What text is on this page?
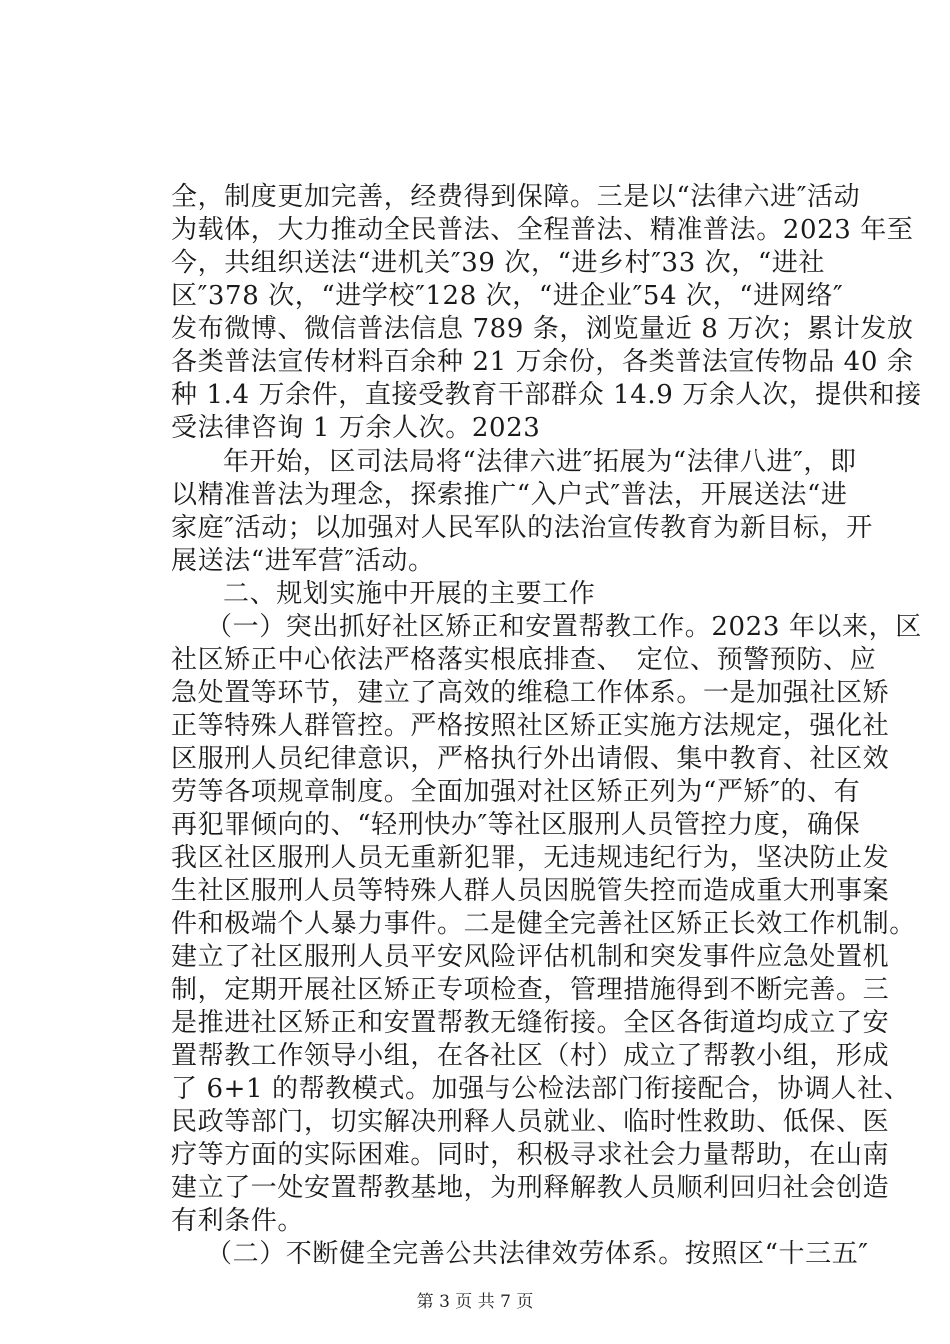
全，制度更加完善，经费得到保障。三是以“法律六进″活动
为载体，大力推动全民普法、全程普法、精准普法。2023 年至
今，共组织送法“进机关″39 次，“进乡村″33 次，“进社
区″378 次，“进学校″128 次，“进企业″54 次，“进网络″
发布微博、微信普法信息 789 条，浏览量近 8 万次；累计发放
各类普法宣传材料百余种 21 万余份，各类普法宣传物品 40 余
种 1.4 万余件，直接受教育干部群众 14.9 万余人次，提供和接
受法律咨询 1 万余人次。2023
年开始，区司法局将“法律六进″拓展为“法律八进″，即
以精准普法为理念，探索推广“入户式″普法，开展送法“进
家庭″活动；以加强对人民军队的法治宣传教育为新目标，开
展送法“进军营″活动。
二、规划实施中开展的主要工作
（一）突出抓好社区矫正和安置帮教工作。2023 年以来，区
社区矫正中心依法严格落实根底排查、　定位、预警预防、应
急处置等环节，建立了高效的维稳工作体系。一是加强社区矫
正等特殊人群管控。严格按照社区矫正实施方法规定，强化社
区服刑人员纪律意识，严格执行外出请假、集中教育、社区效
劳等各项规章制度。全面加强对社区矫正列为“严矫″的、有
再犯罪倾向的、“轻刑快办″等社区服刑人员管控力度，确保
我区社区服刑人员无重新犯罪，无违规违纪行为，坚决防止发
生社区服刑人员等特殊人群人员因脱管失控而造成重大刑事案
件和极端个人暴力事件。二是健全完善社区矫正长效工作机制。
建立了社区服刑人员平安风险评估机制和突发事件应急处置机
制，定期开展社区矫正专项检查，管理措施得到不断完善。三
是推进社区矫正和安置帮教无缝衔接。全区各街道均成立了安
置帮教工作领导小组，在各社区（村）成立了帮教小组，形成
了 6+1 的帮教模式。加强与公检法部门衔接配合，协调人社、
民政等部门，切实解决刑释人员就业、临时性救助、低保、医
疗等方面的实际困难。同时，积极寻求社会力量帮助，在山南
建立了一处安置帮教基地，为刑释解教人员顺利回归社会创造
有利条件。
（二）不断健全完善公共法律效劳体系。按照区“十三五″
第 3 页 共 7 页
